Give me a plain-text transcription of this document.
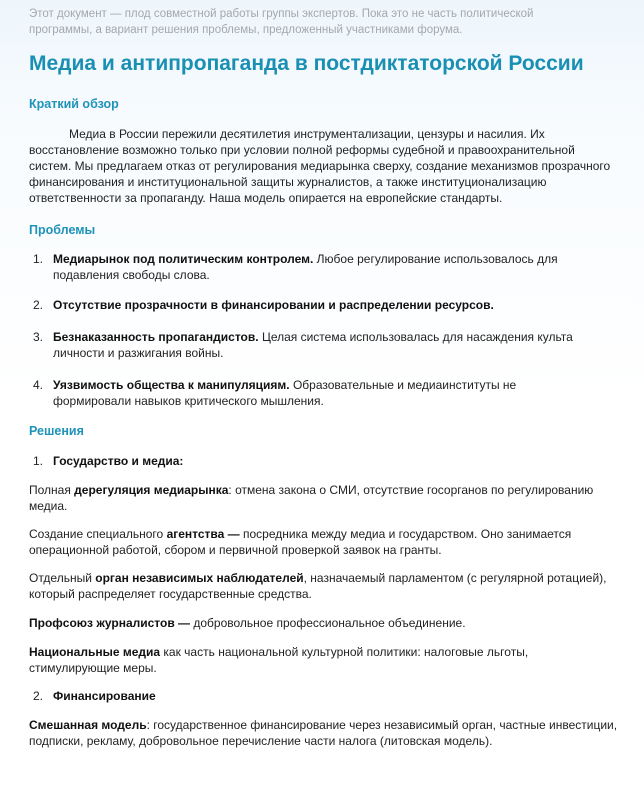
Этот документ — плод совместной работы группы экспертов. Пока это не часть политической программы, а вариант решения проблемы, предложенный участниками форума.
Медиа и антипропаганда в постдиктаторской России
Краткий обзор
Медиа в России пережили десятилетия инструментализации, цензуры и насилия. Их восстановление возможно только при условии полной реформы судебной и правоохранительной систем. Мы предлагаем отказ от регулирования медиарынка сверху, создание механизмов прозрачного финансирования и институциональной защиты журналистов, а также институционализацию ответственности за пропаганду. Наша модель опирается на европейские стандарты.
Проблемы
1. Медиарынок под политическим контролем. Любое регулирование использовалось для подавления свободы слова.
2. Отсутствие прозрачности в финансировании и распределении ресурсов.
3. Безнаказанность пропагандистов. Целая система использовалась для насаждения культа личности и разжигания войны.
4. Уязвимость общества к манипуляциям. Образовательные и медиаинституты не формировали навыков критического мышления.
Решения
1. Государство и медиа:
Полная дерегуляция медиарынка: отмена закона о СМИ, отсутствие госорганов по регулированию медиа.
Создание специального агентства — посредника между медиа и государством. Оно занимается операционной работой, сбором и первичной проверкой заявок на гранты.
Отдельный орган независимых наблюдателей, назначаемый парламентом (с регулярной ротацией), который распределяет государственные средства.
Профсоюз журналистов — добровольное профессиональное объединение.
Национальные медиа как часть национальной культурной политики: налоговые льготы, стимулирующие меры.
2. Финансирование
Смешанная модель: государственное финансирование через независимый орган, частные инвестиции, подписки, рекламу, добровольное перечисление части налога (литовская модель).
